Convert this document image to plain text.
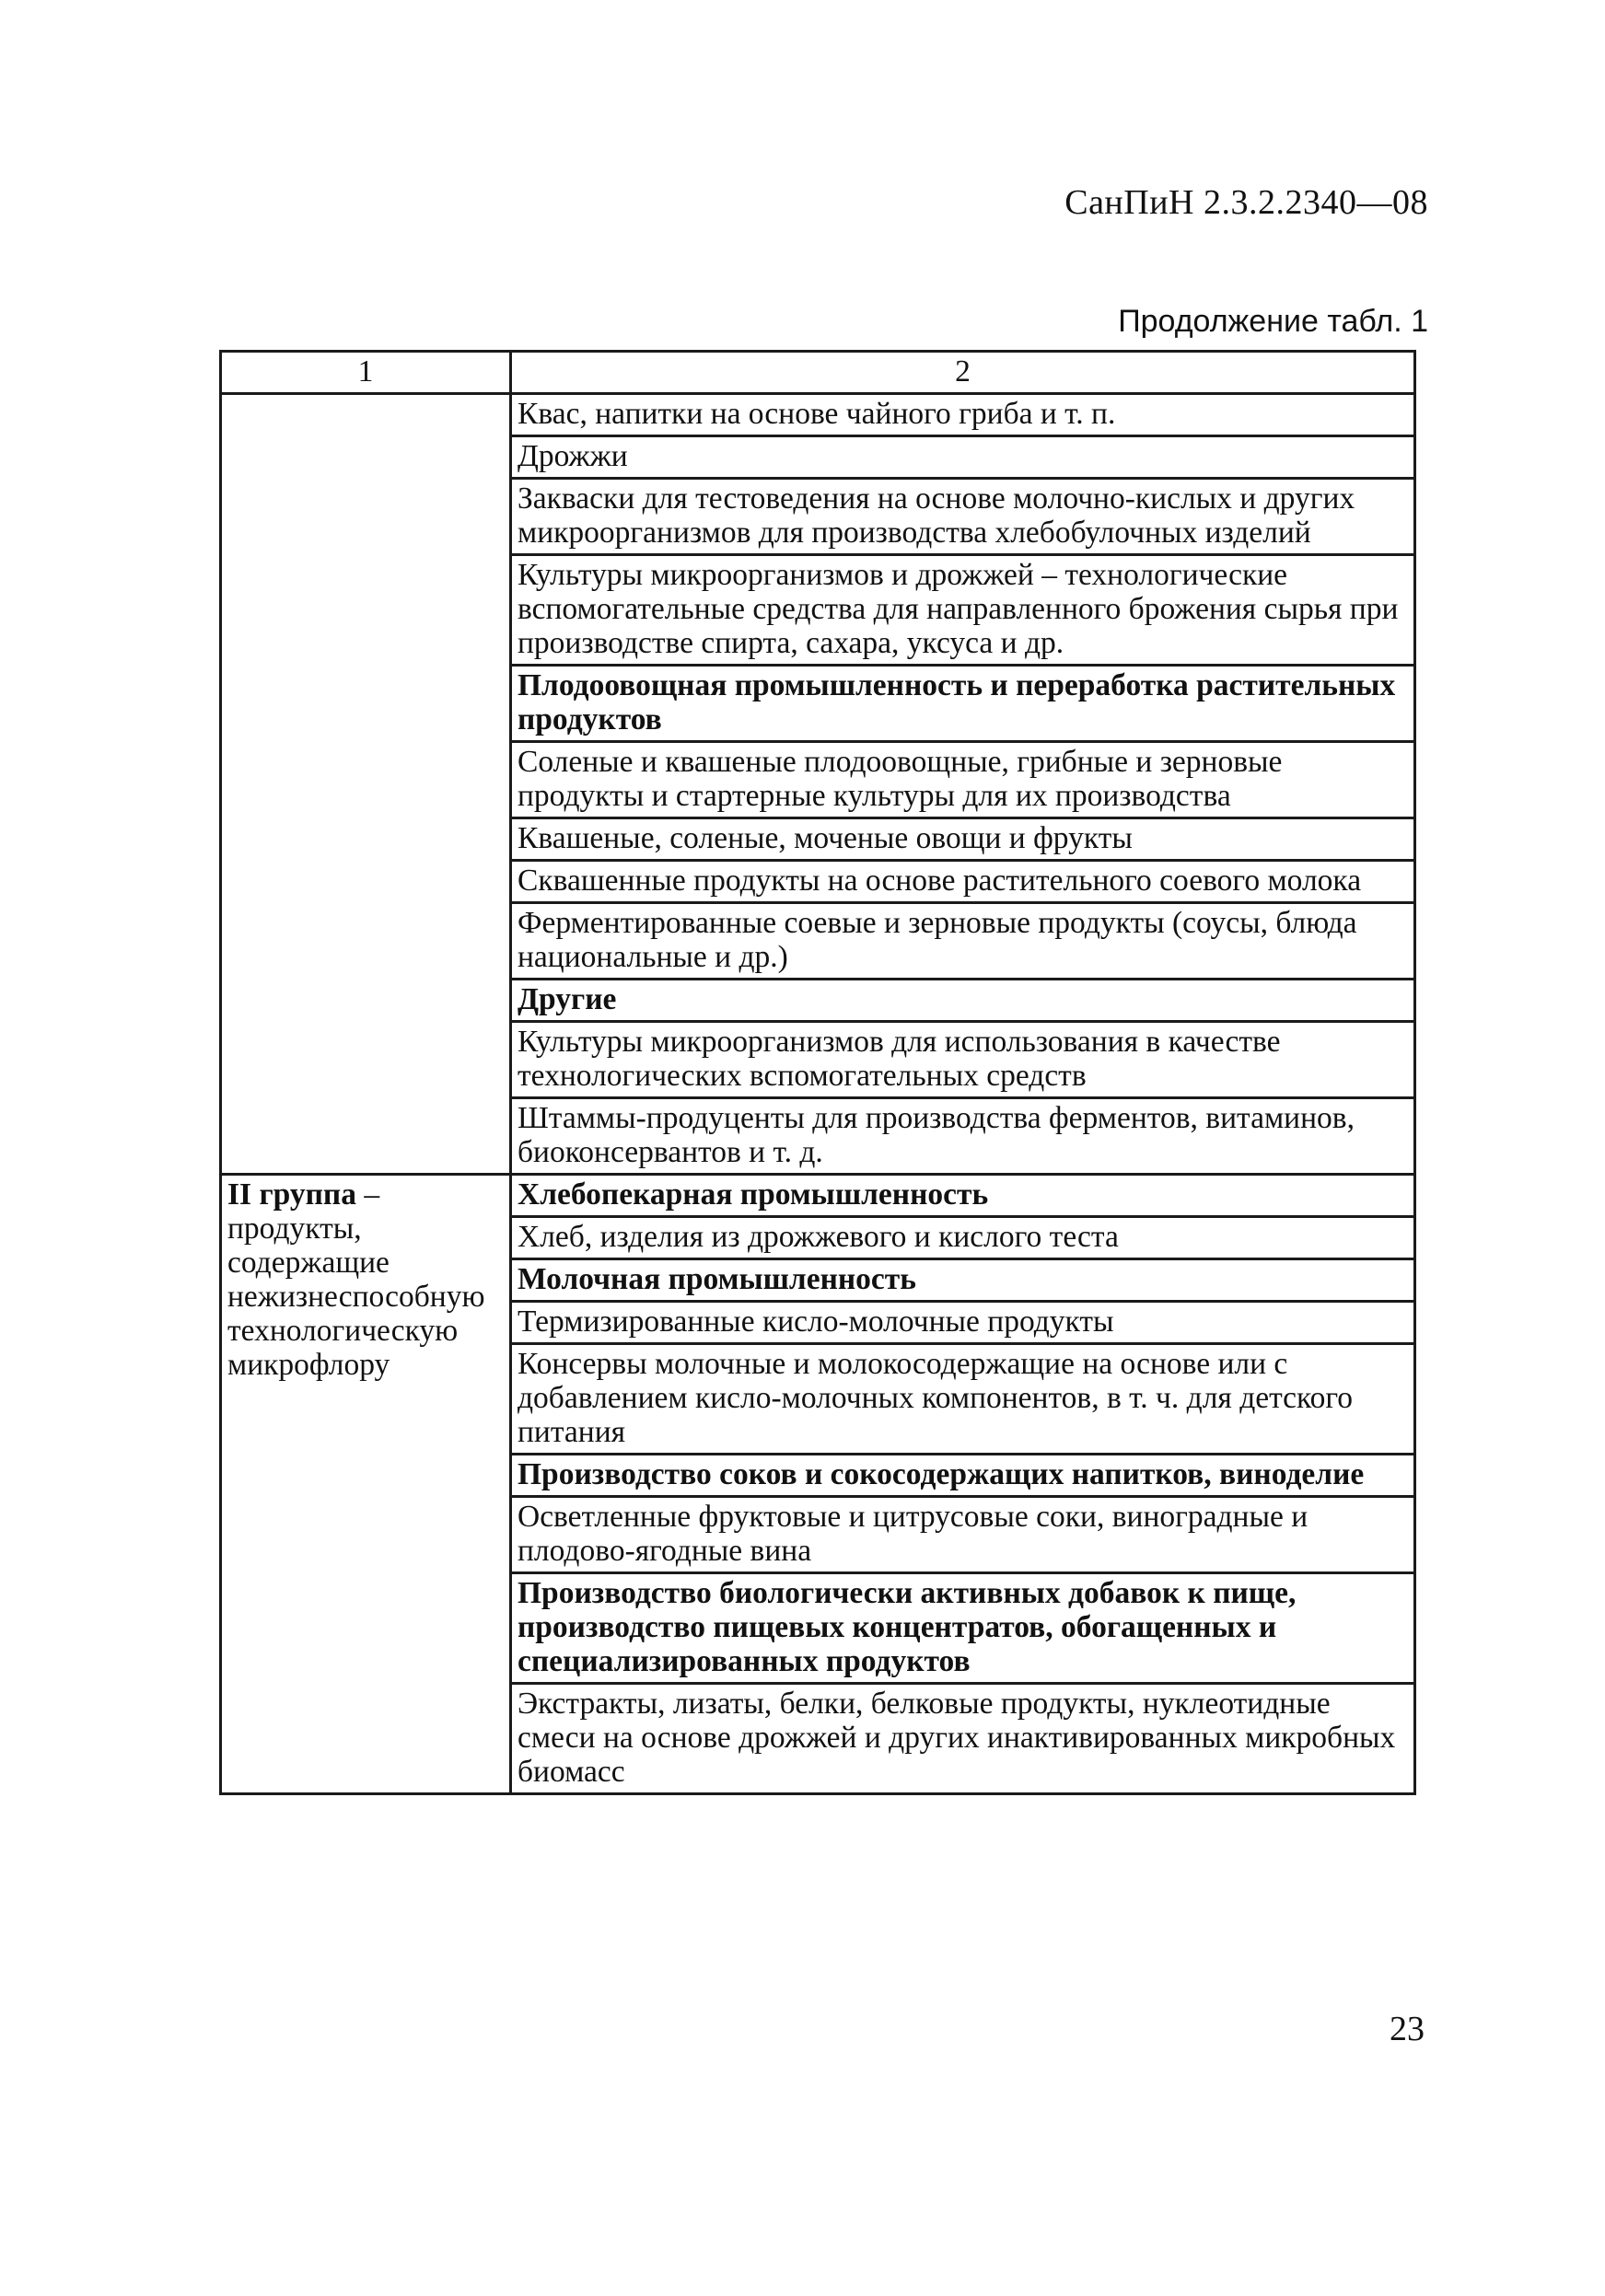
СанПиН 2.3.2.2340—08
Продолжение табл. 1
1	2
	Квас, напитки на основе чайного гриба и т. п.
	Дрожжи
	Закваски для тестоведения на основе молочно-кислых и других микроорганизмов для производства хлебобулочных изделий
	Культуры микроорганизмов и дрожжей – технологические вспомогательные средства для направленного брожения сырья при производстве спирта, сахара, уксуса и др.
	Плодоовощная промышленность и переработка растительных продуктов
	Соленые и квашеные плодоовощные, грибные и зерновые продукты и стартерные культуры для их производства
	Квашеные, соленые, моченые овощи и фрукты
	Сквашенные продукты на основе растительного соевого молока
	Ферментированные соевые и зерновые продукты (соусы, блюда национальные и др.)
	Другие
	Культуры микроорганизмов для использования в качестве технологических вспомогательных средств
	Штаммы-продуценты для производства ферментов, витаминов, биоконсервантов и т. д.
II группа – продукты, содержащие нежизнеспособную технологическую микрофлору	Хлебопекарная промышленность
	Хлеб, изделия из дрожжевого и кислого теста
	Молочная промышленность
	Термизированные кисло-молочные продукты
	Консервы молочные и молокосодержащие на основе или с добавлением кисло-молочных компонентов, в т. ч. для детского питания
	Производство соков и сокосодержащих напитков, виноделие
	Осветленные фруктовые и цитрусовые соки, виноградные и плодово-ягодные вина
	Производство биологически активных добавок к пище, производство пищевых концентратов, обогащенных и специализированных продуктов
	Экстракты, лизаты, белки, белковые продукты, нуклеотидные смеси на основе дрожжей и других инактивированных микробных биомасс
23
